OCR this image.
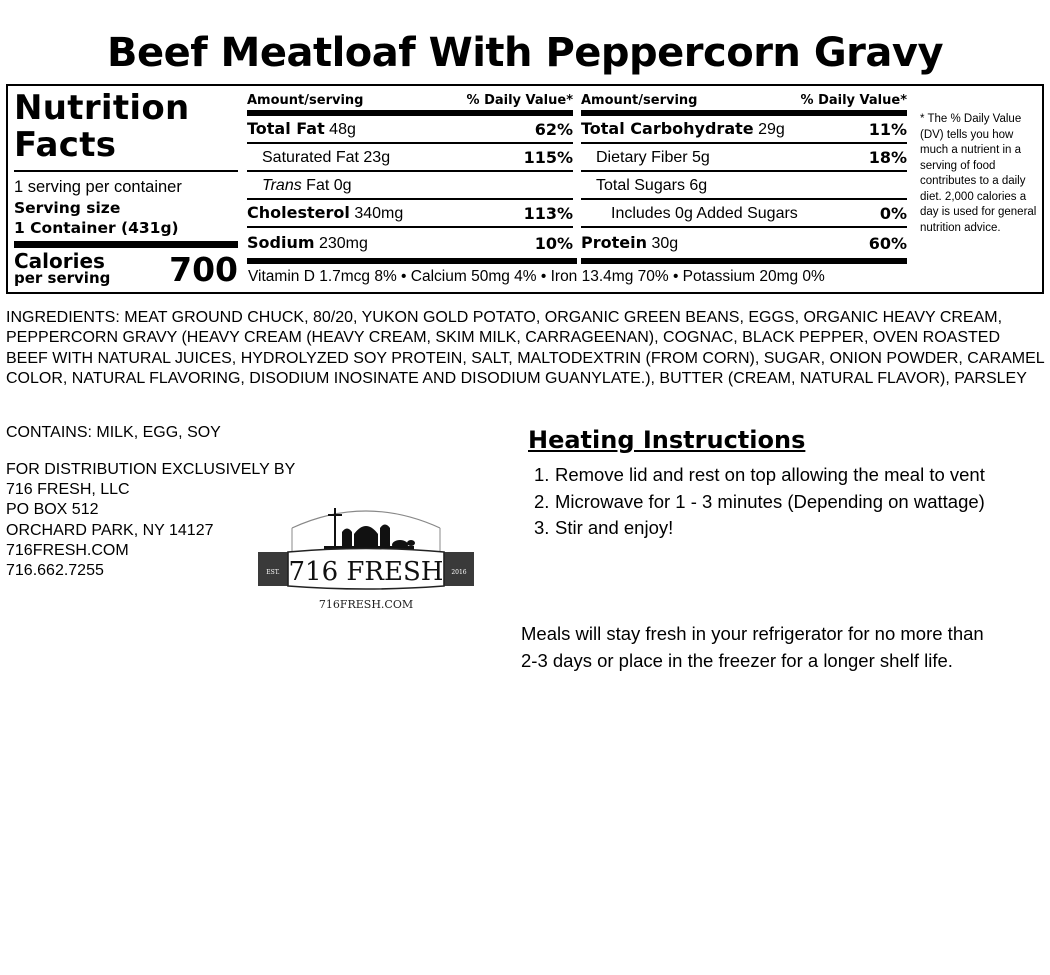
Beef Meatloaf With Peppercorn Gravy
Nutrition
Facts
1 serving per container
Serving size
1 Container (431g)
Calories
per serving 700
Amount/serving	% Daily Value*
Total Fat 48g	62%
Saturated Fat 23g	115%
Trans Fat 0g
Cholesterol 340mg	113%
Sodium 230mg	10%
Amount/serving	% Daily Value*
Total Carbohydrate 29g	11%
Dietary Fiber 5g	18%
Total Sugars 6g
Includes 0g Added Sugars	0%
Protein 30g	60%
Vitamin D 1.7mcg 8% • Calcium 50mg 4% • Iron 13.4mg 70% • Potassium 20mg 0%
* The % Daily Value (DV) tells you how much a nutrient in a serving of food contributes to a daily diet. 2,000 calories a day is used for general nutrition advice.
INGREDIENTS: MEAT GROUND CHUCK, 80/20, YUKON GOLD POTATO, ORGANIC GREEN BEANS, EGGS, ORGANIC HEAVY CREAM, PEPPERCORN GRAVY (HEAVY CREAM (HEAVY CREAM, SKIM MILK, CARRAGEENAN), COGNAC, BLACK PEPPER, OVEN ROASTED BEEF WITH NATURAL JUICES, HYDROLYZED SOY PROTEIN, SALT, MALTODEXTRIN (FROM CORN), SUGAR, ONION POWDER, CARAMEL COLOR, NATURAL FLAVORING, DISODIUM INOSINATE AND DISODIUM GUANYLATE.), BUTTER (CREAM, NATURAL FLAVOR), PARSLEY
CONTAINS: MILK, EGG, SOY
FOR DISTRIBUTION EXCLUSIVELY BY
716 FRESH, LLC
PO BOX 512
ORCHARD PARK, NY 14127
716FRESH.COM
716.662.7255	EST.	2016
716 FRESH
716FRESH.COM
Heating Instructions
1. Remove lid and rest on top allowing the meal to vent
2. Microwave for 1 - 3 minutes (Depending on wattage)
3. Stir and enjoy!
Meals will stay fresh in your refrigerator for no more than 2-3 days or place in the freezer for a longer shelf life.
